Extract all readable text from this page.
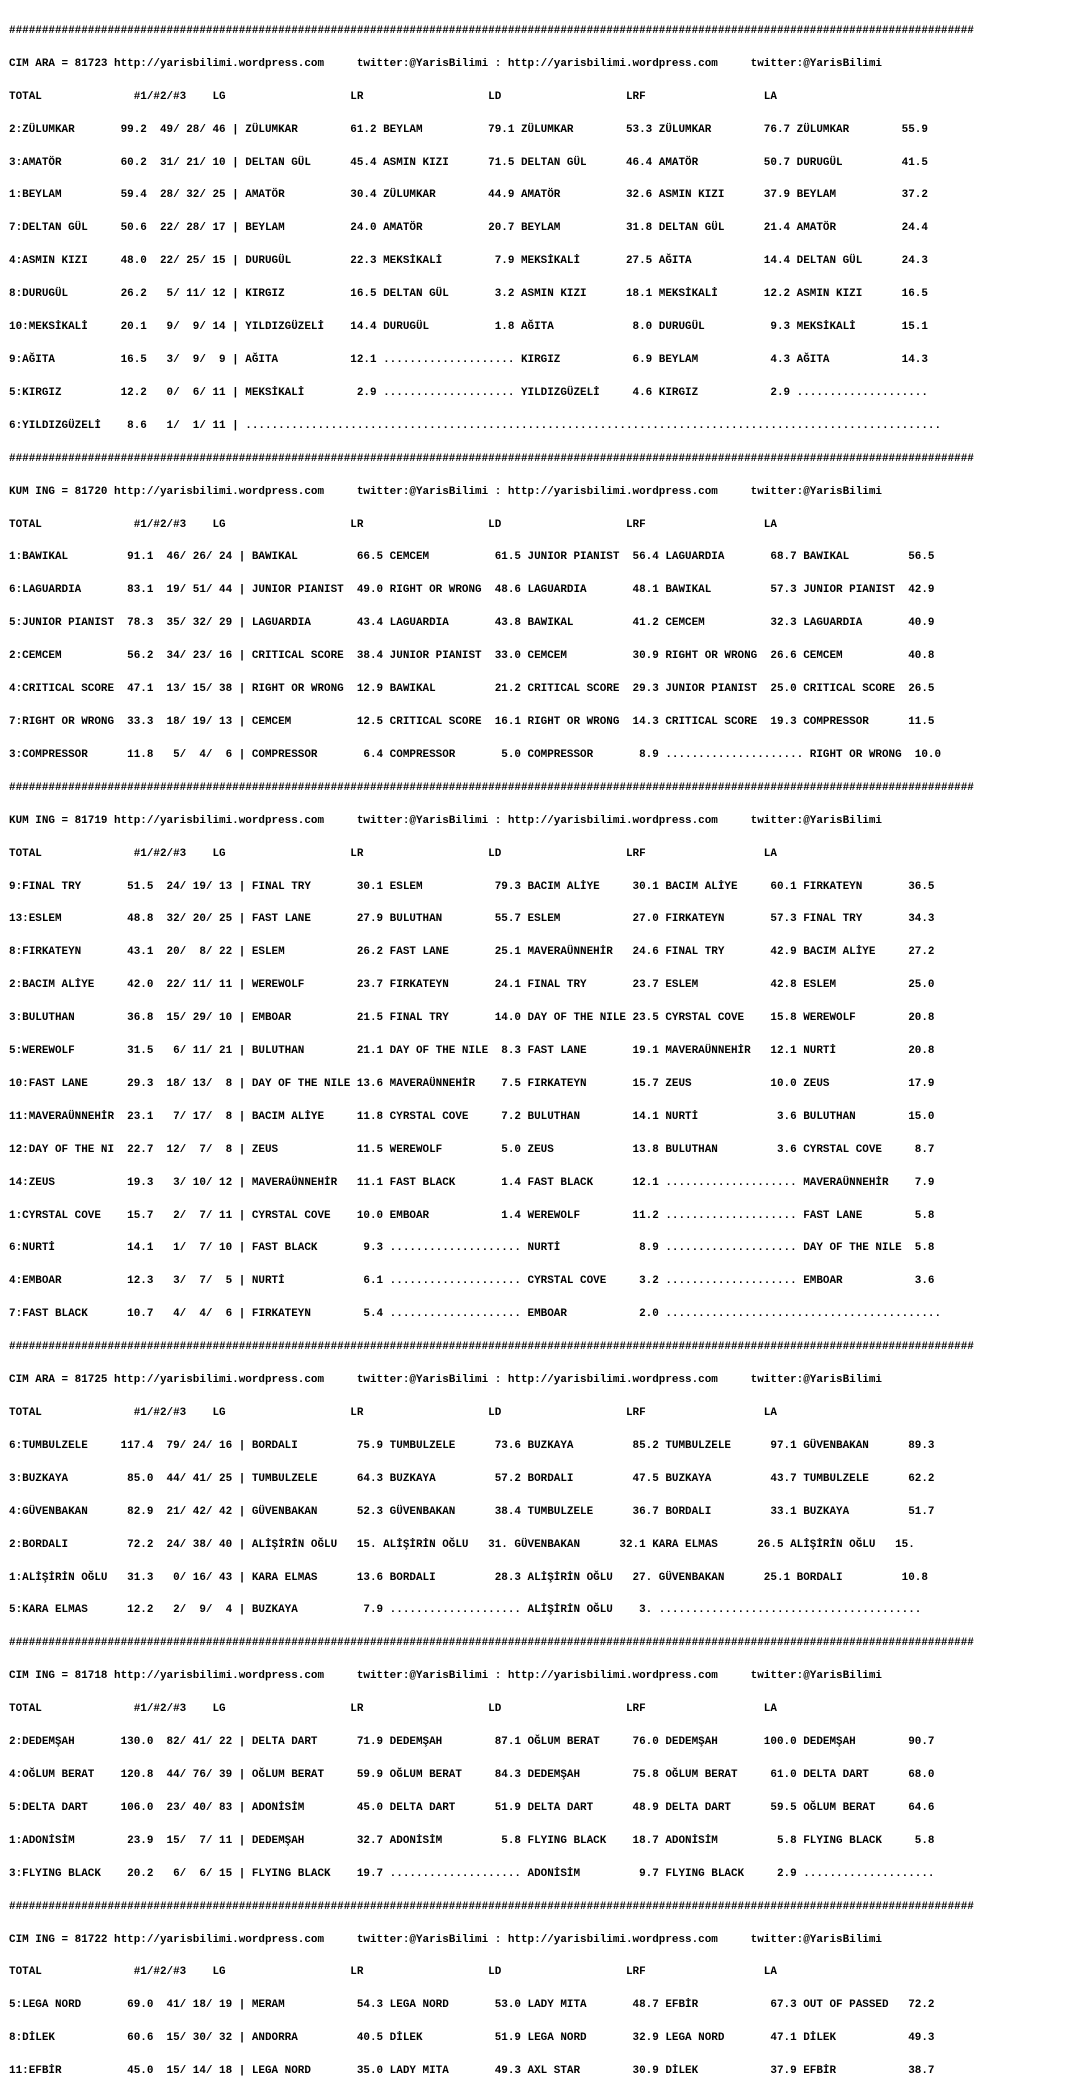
###################################################################################################################################################

CIM ARA = 81723 http://yarisbilimi.wordpress.com     twitter:@YarisBilimi : http://yarisbilimi.wordpress.com     twitter:@YarisBilimi

TOTAL              #1/#2/#3    LG                   LR                   LD                   LRF                  LA

2:ZÜLUMKAR       99.2  49/ 28/ 46 | ZÜLUMKAR        61.2 BEYLAM          79.1 ZÜLUMKAR        53.3 ZÜLUMKAR        76.7 ZÜLUMKAR        55.9

3:AMATÖR         60.2  31/ 21/ 10 | DELTAN GÜL      45.4 ASMIN KIZI      71.5 DELTAN GÜL      46.4 AMATÖR          50.7 DURUGÜL         41.5

1:BEYLAM         59.4  28/ 32/ 25 | AMATÖR          30.4 ZÜLUMKAR        44.9 AMATÖR          32.6 ASMIN KIZI      37.9 BEYLAM          37.2

7:DELTAN GÜL     50.6  22/ 28/ 17 | BEYLAM          24.0 AMATÖR          20.7 BEYLAM          31.8 DELTAN GÜL      21.4 AMATÖR          24.4

4:ASMIN KIZI     48.0  22/ 25/ 15 | DURUGÜL         22.3 MEKSİKALİ        7.9 MEKSİKALİ       27.5 AĞITA           14.4 DELTAN GÜL      24.3

8:DURUGÜL        26.2   5/ 11/ 12 | KIRGIZ          16.5 DELTAN GÜL       3.2 ASMIN KIZI      18.1 MEKSİKALİ       12.2 ASMIN KIZI      16.5

10:MEKSİKALİ     20.1   9/  9/ 14 | YILDIZGÜZELİ    14.4 DURUGÜL          1.8 AĞITA            8.0 DURUGÜL          9.3 MEKSİKALİ       15.1

9:AĞITA          16.5   3/  9/  9 | AĞITA           12.1 .................... KIRGIZ           6.9 BEYLAM           4.3 AĞITA           14.3

5:KIRGIZ         12.2   0/  6/ 11 | MEKSİKALİ        2.9 .................... YILDIZGÜZELİ     4.6 KIRGIZ           2.9 ....................

6:YILDIZGÜZELİ    8.6   1/  1/ 11 | ..........................................................................................................

###################################################################################################################################################

KUM ING = 81720 http://yarisbilimi.wordpress.com     twitter:@YarisBilimi : http://yarisbilimi.wordpress.com     twitter:@YarisBilimi

TOTAL              #1/#2/#3    LG                   LR                   LD                   LRF                  LA

1:BAWIKAL         91.1  46/ 26/ 24 | BAWIKAL         66.5 CEMCEM          61.5 JUNIOR PIANIST  56.4 LAGUARDIA       68.7 BAWIKAL         56.5

6:LAGUARDIA       83.1  19/ 51/ 44 | JUNIOR PIANIST  49.0 RIGHT OR WRONG  48.6 LAGUARDIA       48.1 BAWIKAL         57.3 JUNIOR PIANIST  42.9

5:JUNIOR PIANIST  78.3  35/ 32/ 29 | LAGUARDIA       43.4 LAGUARDIA       43.8 BAWIKAL         41.2 CEMCEM          32.3 LAGUARDIA       40.9

2:CEMCEM          56.2  34/ 23/ 16 | CRITICAL SCORE  38.4 JUNIOR PIANIST  33.0 CEMCEM          30.9 RIGHT OR WRONG  26.6 CEMCEM          40.8

4:CRITICAL SCORE  47.1  13/ 15/ 38 | RIGHT OR WRONG  12.9 BAWIKAL         21.2 CRITICAL SCORE  29.3 JUNIOR PIANIST  25.0 CRITICAL SCORE  26.5

7:RIGHT OR WRONG  33.3  18/ 19/ 13 | CEMCEM          12.5 CRITICAL SCORE  16.1 RIGHT OR WRONG  14.3 CRITICAL SCORE  19.3 COMPRESSOR      11.5

3:COMPRESSOR      11.8   5/  4/  6 | COMPRESSOR       6.4 COMPRESSOR       5.0 COMPRESSOR       8.9 ..................... RIGHT OR WRONG  10.0

###################################################################################################################################################

KUM ING = 81719 http://yarisbilimi.wordpress.com     twitter:@YarisBilimi : http://yarisbilimi.wordpress.com     twitter:@YarisBilimi

TOTAL              #1/#2/#3    LG                   LR                   LD                   LRF                  LA

9:FINAL TRY       51.5  24/ 19/ 13 | FINAL TRY       30.1 ESLEM           79.3 BACIM ALİYE     30.1 BACIM ALİYE     60.1 FIRKATEYN       36.5

13:ESLEM          48.8  32/ 20/ 25 | FAST LANE       27.9 BULUTHAN        55.7 ESLEM           27.0 FIRKATEYN       57.3 FINAL TRY       34.3

8:FIRKATEYN       43.1  20/  8/ 22 | ESLEM           26.2 FAST LANE       25.1 MAVERAÜNNEHİR   24.6 FINAL TRY       42.9 BACIM ALİYE     27.2

2:BACIM ALİYE     42.0  22/ 11/ 11 | WEREWOLF        23.7 FIRKATEYN       24.1 FINAL TRY       23.7 ESLEM           42.8 ESLEM           25.0

3:BULUTHAN        36.8  15/ 29/ 10 | EMBOAR          21.5 FINAL TRY       14.0 DAY OF THE NILE 23.5 CYRSTAL COVE    15.8 WEREWOLF        20.8

5:WEREWOLF        31.5   6/ 11/ 21 | BULUTHAN        21.1 DAY OF THE NILE  8.3 FAST LANE       19.1 MAVERAÜNNEHİR   12.1 NURTİ           20.8

10:FAST LANE      29.3  18/ 13/  8 | DAY OF THE NILE 13.6 MAVERAÜNNEHİR    7.5 FIRKATEYN       15.7 ZEUS            10.0 ZEUS            17.9

11:MAVERAÜNNEHİR  23.1   7/ 17/  8 | BACIM ALİYE     11.8 CYRSTAL COVE     7.2 BULUTHAN        14.1 NURTİ            3.6 BULUTHAN        15.0

12:DAY OF THE NI  22.7  12/  7/  8 | ZEUS            11.5 WEREWOLF         5.0 ZEUS            13.8 BULUTHAN         3.6 CYRSTAL COVE     8.7

14:ZEUS           19.3   3/ 10/ 12 | MAVERAÜNNEHİR   11.1 FAST BLACK       1.4 FAST BLACK      12.1 .................... MAVERAÜNNEHİR    7.9

1:CYRSTAL COVE    15.7   2/  7/ 11 | CYRSTAL COVE    10.0 EMBOAR           1.4 WEREWOLF        11.2 .................... FAST LANE        5.8

6:NURTİ           14.1   1/  7/ 10 | FAST BLACK       9.3 .................... NURTİ            8.9 .................... DAY OF THE NILE  5.8

4:EMBOAR          12.3   3/  7/  5 | NURTİ            6.1 .................... CYRSTAL COVE     3.2 .................... EMBOAR           3.6

7:FAST BLACK      10.7   4/  4/  6 | FIRKATEYN        5.4 .................... EMBOAR           2.0 ..........................................

###################################################################################################################################################

CIM ARA = 81725 http://yarisbilimi.wordpress.com     twitter:@YarisBilimi : http://yarisbilimi.wordpress.com     twitter:@YarisBilimi

TOTAL              #1/#2/#3    LG                   LR                   LD                   LRF                  LA

6:TUMBULZELE     117.4  79/ 24/ 16 | BORDALI         75.9 TUMBULZELE      73.6 BUZKAYA         85.2 TUMBULZELE      97.1 GÜVENBAKAN      89.3

3:BUZKAYA         85.0  44/ 41/ 25 | TUMBULZELE      64.3 BUZKAYA         57.2 BORDALI         47.5 BUZKAYA         43.7 TUMBULZELE      62.2

4:GÜVENBAKAN      82.9  21/ 42/ 42 | GÜVENBAKAN      52.3 GÜVENBAKAN      38.4 TUMBULZELE      36.7 BORDALI         33.1 BUZKAYA         51.7

2:BORDALI         72.2  24/ 38/ 40 | ALİŞİRİN OĞLU   15. ALİŞİRİN OĞLU   31. GÜVENBAKAN      32.1 KARA ELMAS      26.5 ALİŞİRİN OĞLU   15.

1:ALİŞİRİN OĞLU   31.3   0/ 16/ 43 | KARA ELMAS      13.6 BORDALI         28.3 ALİŞİRİN OĞLU   27. GÜVENBAKAN      25.1 BORDALI         10.8

5:KARA ELMAS      12.2   2/  9/  4 | BUZKAYA          7.9 .................... ALİŞİRİN OĞLU    3. ........................................

###################################################################################################################################################

CIM ING = 81718 http://yarisbilimi.wordpress.com     twitter:@YarisBilimi : http://yarisbilimi.wordpress.com     twitter:@YarisBilimi

TOTAL              #1/#2/#3    LG                   LR                   LD                   LRF                  LA

2:DEDEMŞAH       130.0  82/ 41/ 22 | DELTA DART      71.9 DEDEMŞAH        87.1 OĞLUM BERAT     76.0 DEDEMŞAH       100.0 DEDEMŞAH        90.7

4:OĞLUM BERAT    120.8  44/ 76/ 39 | OĞLUM BERAT     59.9 OĞLUM BERAT     84.3 DEDEMŞAH        75.8 OĞLUM BERAT     61.0 DELTA DART      68.0

5:DELTA DART     106.0  23/ 40/ 83 | ADONİSİM        45.0 DELTA DART      51.9 DELTA DART      48.9 DELTA DART      59.5 OĞLUM BERAT     64.6

1:ADONİSİM        23.9  15/  7/ 11 | DEDEMŞAH        32.7 ADONİSİM         5.8 FLYING BLACK    18.7 ADONİSİM         5.8 FLYING BLACK     5.8

3:FLYING BLACK    20.2   6/  6/ 15 | FLYING BLACK    19.7 .................... ADONİSİM         9.7 FLYING BLACK     2.9 ....................

###################################################################################################################################################

CIM ING = 81722 http://yarisbilimi.wordpress.com     twitter:@YarisBilimi : http://yarisbilimi.wordpress.com     twitter:@YarisBilimi

TOTAL              #1/#2/#3    LG                   LR                   LD                   LRF                  LA

5:LEGA NORD       69.0  41/ 18/ 19 | MERAM           54.3 LEGA NORD       53.0 LADY MITA       48.7 EFBİR           67.3 OUT OF PASSED   72.2

8:DİLEK           60.6  15/ 30/ 32 | ANDORRA         40.5 DİLEK           51.9 LEGA NORD       32.9 LEGA NORD       47.1 DİLEK           49.3

11:EFBİR          45.0  15/ 14/ 18 | LEGA NORD       35.0 LADY MITA       49.3 AXL STAR        30.9 DİLEK           37.9 EFBİR           38.7
